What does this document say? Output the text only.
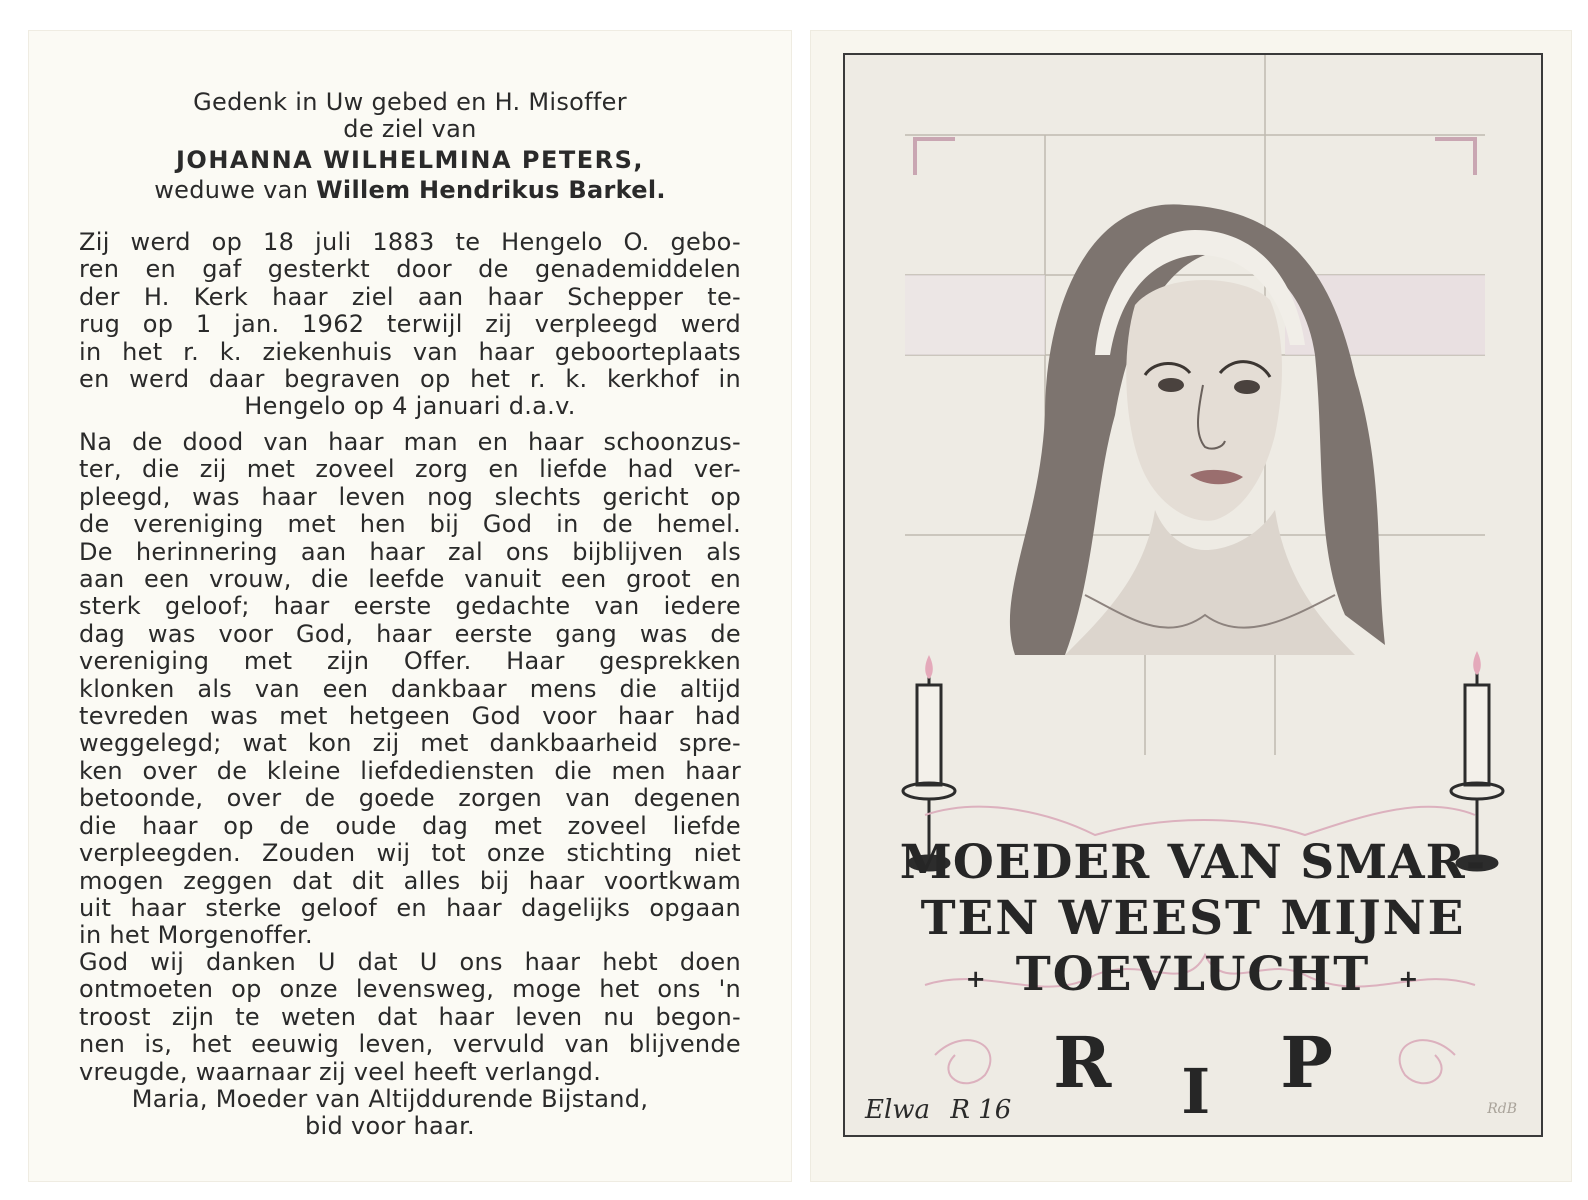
Gedenk in Uw gebed en H. Misoffer
de ziel van
JOHANNA WILHELMINA PETERS,
weduwe van Willem Hendrikus Barkel.
Zij werd op 18 juli 1883 te Hengelo O. gebo-
ren en gaf gesterkt door de genademiddelen
der H. Kerk haar ziel aan haar Schepper te-
rug op 1 jan. 1962 terwijl zij verpleegd werd
in het r. k. ziekenhuis van haar geboorteplaats
en werd daar begraven op het r. k. kerkhof in
Hengelo op 4 januari d.a.v.
Na de dood van haar man en haar schoonzus-
ter, die zij met zoveel zorg en liefde had ver-
pleegd, was haar leven nog slechts gericht op
de vereniging met hen bij God in de hemel.
De herinnering aan haar zal ons bijblijven als
aan een vrouw, die leefde vanuit een groot en
sterk geloof; haar eerste gedachte van iedere
dag was voor God, haar eerste gang was de
vereniging met zijn Offer. Haar gesprekken
klonken als van een dankbaar mens die altijd
tevreden was met hetgeen God voor haar had
weggelegd; wat kon zij met dankbaarheid spre-
ken over de kleine liefdediensten die men haar
betoonde, over de goede zorgen van degenen
die haar op de oude dag met zoveel liefde
verpleegden. Zouden wij tot onze stichting niet
mogen zeggen dat dit alles bij haar voortkwam
uit haar sterke geloof en haar dagelijks opgaan
in het Morgenoffer.
God wij danken U dat U ons haar hebt doen
ontmoeten op onze levensweg, moge het ons 'n
troost zijn te weten dat haar leven nu begon-
nen is, het eeuwig leven, vervuld van blijvende
vreugde, waarnaar zij veel heeft verlangd.
Maria, Moeder van Altijddurende Bijstand,
bid voor haar.
MOEDER VAN SMAR-
TEN WEEST MIJNE
+ TOEVLUCHT +
R I P
Elwa R 16	RdB
